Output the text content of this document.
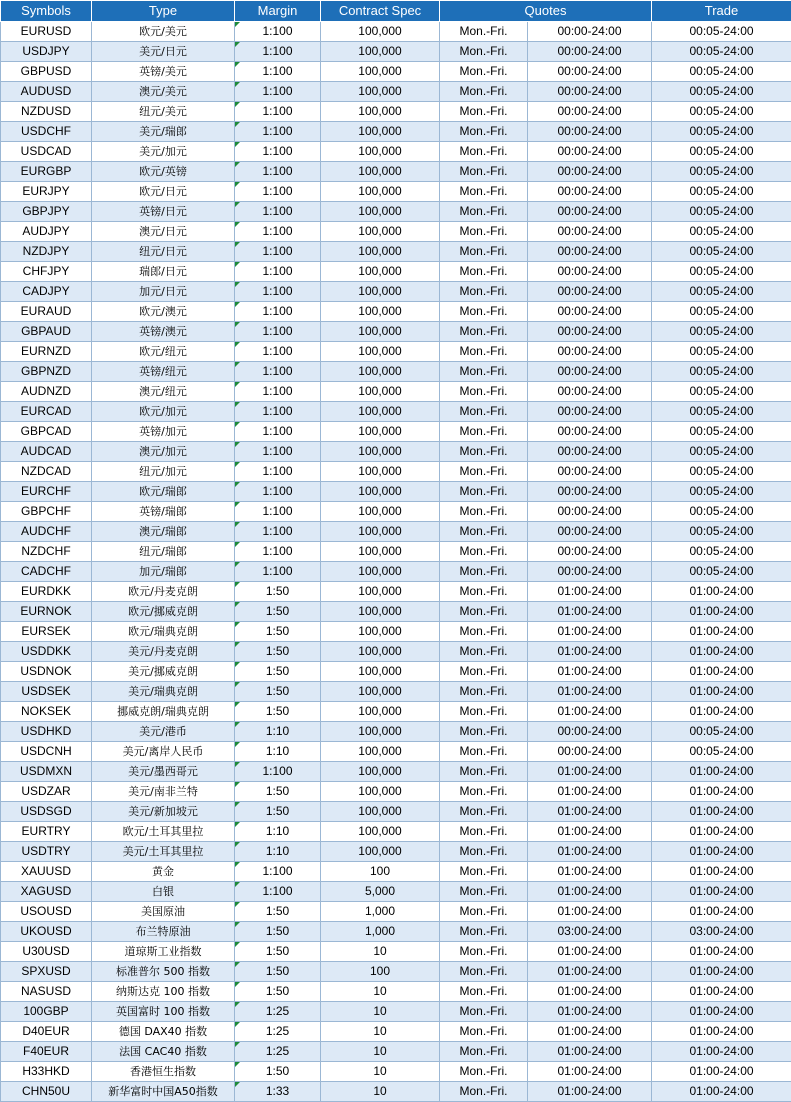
Symbols	Type	Margin	Contract Spec	Quotes		Trade
EURUSD	欧元/美元	1:100	100,000	Mon.-Fri.	00:00-24:00	00:05-24:00
USDJPY	美元/日元	1:100	100,000	Mon.-Fri.	00:00-24:00	00:05-24:00
GBPUSD	英镑/美元	1:100	100,000	Mon.-Fri.	00:00-24:00	00:05-24:00
AUDUSD	澳元/美元	1:100	100,000	Mon.-Fri.	00:00-24:00	00:05-24:00
NZDUSD	纽元/美元	1:100	100,000	Mon.-Fri.	00:00-24:00	00:05-24:00
USDCHF	美元/瑞郎	1:100	100,000	Mon.-Fri.	00:00-24:00	00:05-24:00
USDCAD	美元/加元	1:100	100,000	Mon.-Fri.	00:00-24:00	00:05-24:00
EURGBP	欧元/英镑	1:100	100,000	Mon.-Fri.	00:00-24:00	00:05-24:00
EURJPY	欧元/日元	1:100	100,000	Mon.-Fri.	00:00-24:00	00:05-24:00
GBPJPY	英镑/日元	1:100	100,000	Mon.-Fri.	00:00-24:00	00:05-24:00
AUDJPY	澳元/日元	1:100	100,000	Mon.-Fri.	00:00-24:00	00:05-24:00
NZDJPY	纽元/日元	1:100	100,000	Mon.-Fri.	00:00-24:00	00:05-24:00
CHFJPY	瑞郎/日元	1:100	100,000	Mon.-Fri.	00:00-24:00	00:05-24:00
CADJPY	加元/日元	1:100	100,000	Mon.-Fri.	00:00-24:00	00:05-24:00
EURAUD	欧元/澳元	1:100	100,000	Mon.-Fri.	00:00-24:00	00:05-24:00
GBPAUD	英镑/澳元	1:100	100,000	Mon.-Fri.	00:00-24:00	00:05-24:00
EURNZD	欧元/纽元	1:100	100,000	Mon.-Fri.	00:00-24:00	00:05-24:00
GBPNZD	英镑/纽元	1:100	100,000	Mon.-Fri.	00:00-24:00	00:05-24:00
AUDNZD	澳元/纽元	1:100	100,000	Mon.-Fri.	00:00-24:00	00:05-24:00
EURCAD	欧元/加元	1:100	100,000	Mon.-Fri.	00:00-24:00	00:05-24:00
GBPCAD	英镑/加元	1:100	100,000	Mon.-Fri.	00:00-24:00	00:05-24:00
AUDCAD	澳元/加元	1:100	100,000	Mon.-Fri.	00:00-24:00	00:05-24:00
NZDCAD	纽元/加元	1:100	100,000	Mon.-Fri.	00:00-24:00	00:05-24:00
EURCHF	欧元/瑞郎	1:100	100,000	Mon.-Fri.	00:00-24:00	00:05-24:00
GBPCHF	英镑/瑞郎	1:100	100,000	Mon.-Fri.	00:00-24:00	00:05-24:00
AUDCHF	澳元/瑞郎	1:100	100,000	Mon.-Fri.	00:00-24:00	00:05-24:00
NZDCHF	纽元/瑞郎	1:100	100,000	Mon.-Fri.	00:00-24:00	00:05-24:00
CADCHF	加元/瑞郎	1:100	100,000	Mon.-Fri.	00:00-24:00	00:05-24:00
EURDKK	欧元/丹麦克朗	1:50	100,000	Mon.-Fri.	01:00-24:00	01:00-24:00
EURNOK	欧元/挪威克朗	1:50	100,000	Mon.-Fri.	01:00-24:00	01:00-24:00
EURSEK	欧元/瑞典克朗	1:50	100,000	Mon.-Fri.	01:00-24:00	01:00-24:00
USDDKK	美元/丹麦克朗	1:50	100,000	Mon.-Fri.	01:00-24:00	01:00-24:00
USDNOK	美元/挪威克朗	1:50	100,000	Mon.-Fri.	01:00-24:00	01:00-24:00
USDSEK	美元/瑞典克朗	1:50	100,000	Mon.-Fri.	01:00-24:00	01:00-24:00
NOKSEK	挪威克朗/瑞典克朗	1:50	100,000	Mon.-Fri.	01:00-24:00	01:00-24:00
USDHKD	美元/港币	1:10	100,000	Mon.-Fri.	00:00-24:00	00:05-24:00
USDCNH	美元/离岸人民币	1:10	100,000	Mon.-Fri.	00:00-24:00	00:05-24:00
USDMXN	美元/墨西哥元	1:100	100,000	Mon.-Fri.	01:00-24:00	01:00-24:00
USDZAR	美元/南非兰特	1:50	100,000	Mon.-Fri.	01:00-24:00	01:00-24:00
USDSGD	美元/新加坡元	1:50	100,000	Mon.-Fri.	01:00-24:00	01:00-24:00
EURTRY	欧元/土耳其里拉	1:10	100,000	Mon.-Fri.	01:00-24:00	01:00-24:00
USDTRY	美元/土耳其里拉	1:10	100,000	Mon.-Fri.	01:00-24:00	01:00-24:00
XAUUSD	黄金	1:100	100	Mon.-Fri.	01:00-24:00	01:00-24:00
XAGUSD	白银	1:100	5,000	Mon.-Fri.	01:00-24:00	01:00-24:00
USOUSD	美国原油	1:50	1,000	Mon.-Fri.	01:00-24:00	01:00-24:00
UKOUSD	布兰特原油	1:50	1,000	Mon.-Fri.	03:00-24:00	03:00-24:00
U30USD	道琼斯工业指数	1:50	10	Mon.-Fri.	01:00-24:00	01:00-24:00
SPXUSD	标准普尔 500 指数	1:50	100	Mon.-Fri.	01:00-24:00	01:00-24:00
NASUSD	纳斯达克 100 指数	1:50	10	Mon.-Fri.	01:00-24:00	01:00-24:00
100GBP	英国富时 100 指数	1:25	10	Mon.-Fri.	01:00-24:00	01:00-24:00
D40EUR	德国 DAX40 指数	1:25	10	Mon.-Fri.	01:00-24:00	01:00-24:00
F40EUR	法国 CAC40 指数	1:25	10	Mon.-Fri.	01:00-24:00	01:00-24:00
H33HKD	香港恒生指数	1:50	10	Mon.-Fri.	01:00-24:00	01:00-24:00
CHN50U	新华富时中国A50指数	1:33	10	Mon.-Fri.	01:00-24:00	01:00-24:00
